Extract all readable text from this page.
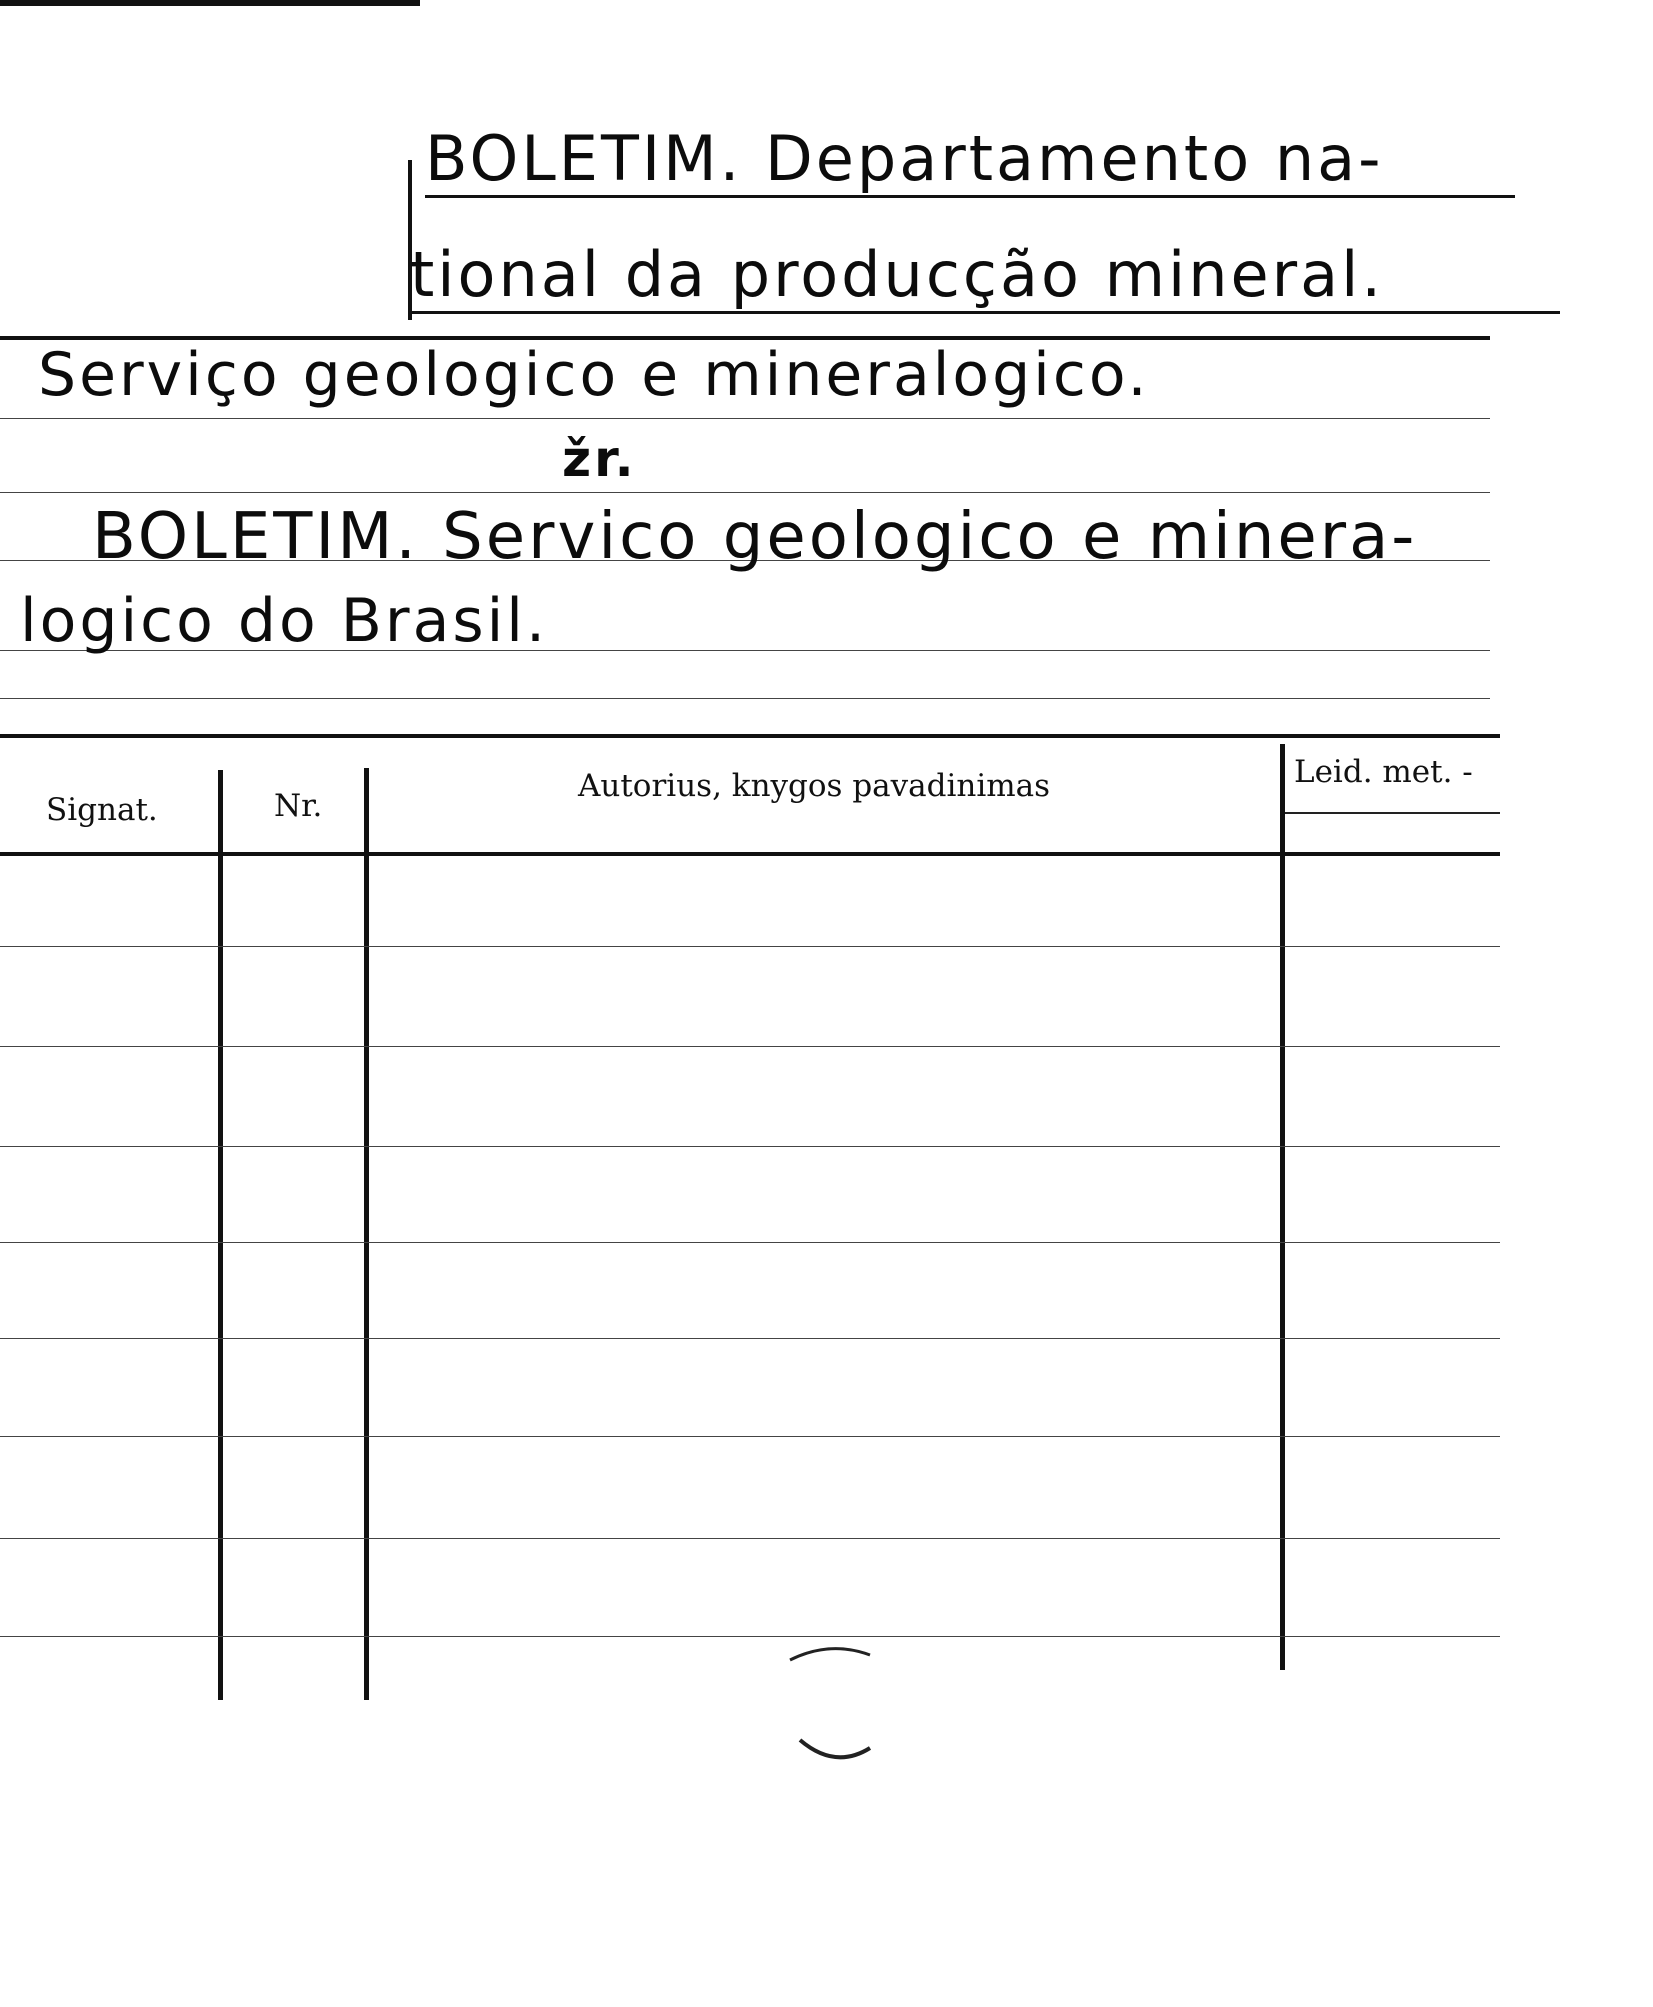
BOLETIM. Departamento na-
tional da producção mineral.
Serviço geologico e mineralogico.
žr.
BOLETIM. Servico geologico e minera-
logico do Brasil.
Signat.	Nr.
Autorius, knygos pavadinimas	Leid. met. -
